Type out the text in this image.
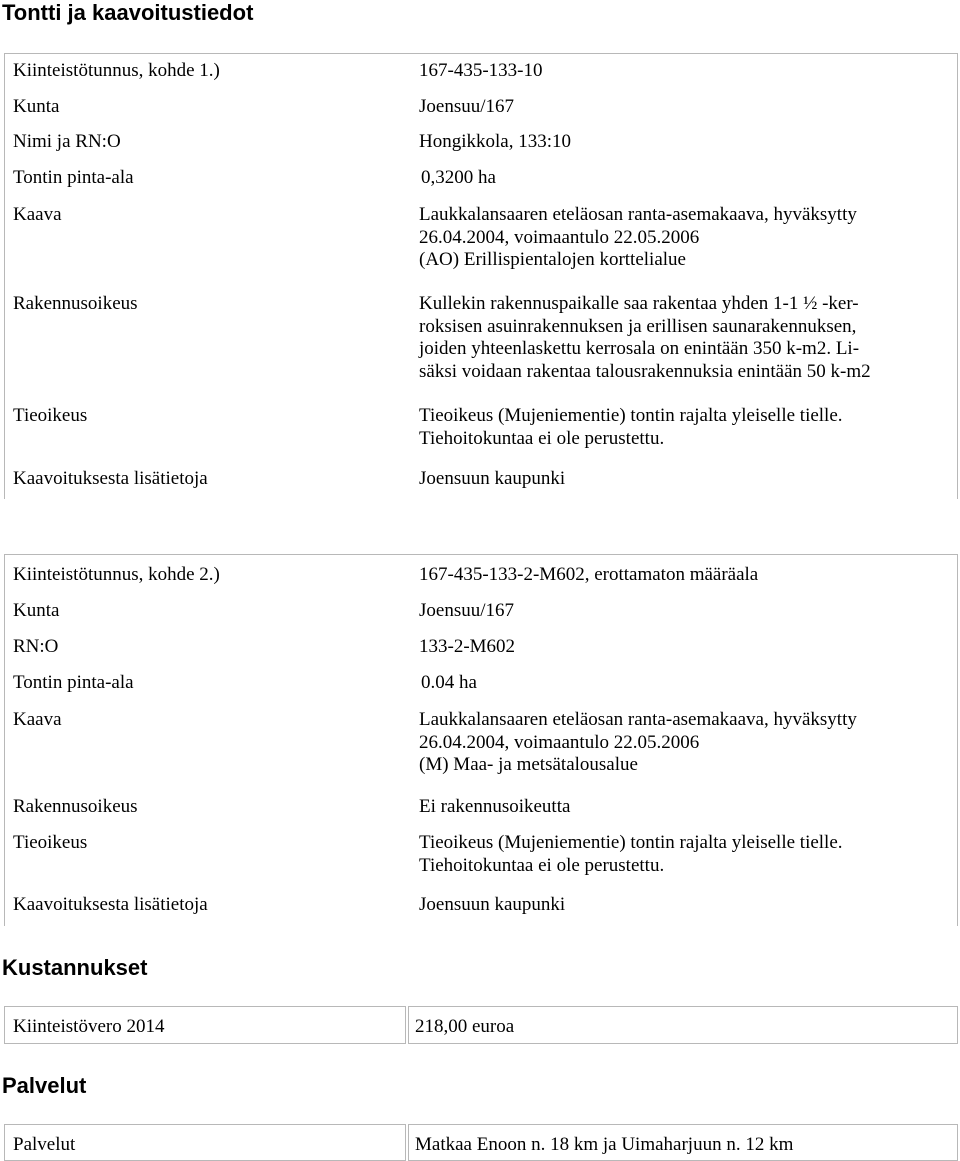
Tontti ja kaavoitustiedot
Kiinteistötunnus, kohde 1.)	167-435-133-10
Kunta	Joensuu/167
Nimi ja RN:O	Hongikkola, 133:10
Tontin pinta-ala	0,3200 ha
Kaava	Laukkalansaaren eteläosan ranta-asemakaava, hyväksytty
26.04.2004, voimaantulo 22.05.2006
(AO) Erillispientalojen korttelialue
Rakennusoikeus	Kullekin rakennuspaikalle saa rakentaa yhden 1-1 ½ -ker-
roksisen asuinrakennuksen ja erillisen saunarakennuksen,
joiden yhteenlaskettu kerrosala on enintään 350 k-m2. Li-
säksi voidaan rakentaa talousrakennuksia enintään 50 k-m2
Tieoikeus	Tieoikeus (Mujeniementie) tontin rajalta yleiselle tielle.
Tiehoitokuntaa ei ole perustettu.
Kaavoituksesta lisätietoja	Joensuun kaupunki
Kiinteistötunnus, kohde 2.)	167-435-133-2-M602, erottamaton määräala
Kunta	Joensuu/167
RN:O	133-2-M602
Tontin pinta-ala	0.04 ha
Kaava	Laukkalansaaren eteläosan ranta-asemakaava, hyväksytty
26.04.2004, voimaantulo 22.05.2006
(M) Maa- ja metsätalousalue
Rakennusoikeus	Ei rakennusoikeutta
Tieoikeus	Tieoikeus (Mujeniementie) tontin rajalta yleiselle tielle.
Tiehoitokuntaa ei ole perustettu.
Kaavoituksesta lisätietoja	Joensuun kaupunki
Kustannukset
Kiinteistövero 2014	218,00 euroa
Palvelut
Palvelut	Matkaa Enoon n. 18 km ja Uimaharjuun n. 12 km
